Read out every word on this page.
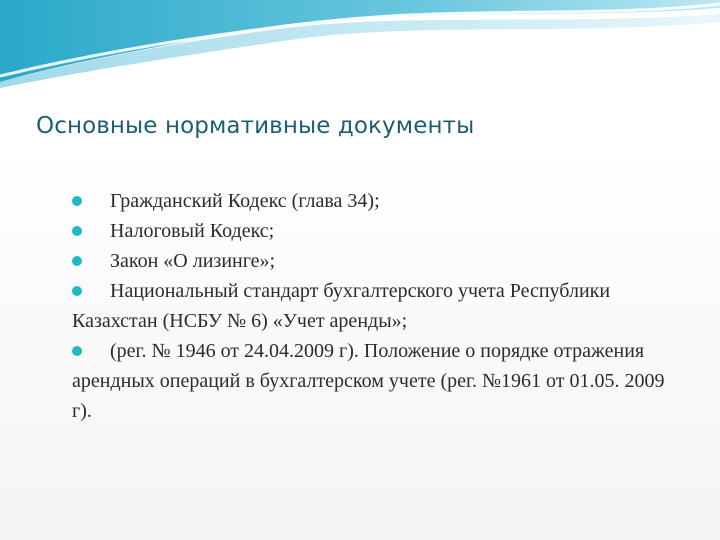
Основные нормативные документы
Гражданский Кодекс (глава 34);
Налоговый Кодекс;
Закон «О лизинге»;
Национальный стандарт бухгалтерского учета Республики Казахстан (НСБУ № 6) «Учет аренды»;
(рег. № 1946 от 24.04.2009 г). Положение о порядке отражения арендных операций в бухгалтерском учете (рег. №1961 от 01.05. 2009 г).
